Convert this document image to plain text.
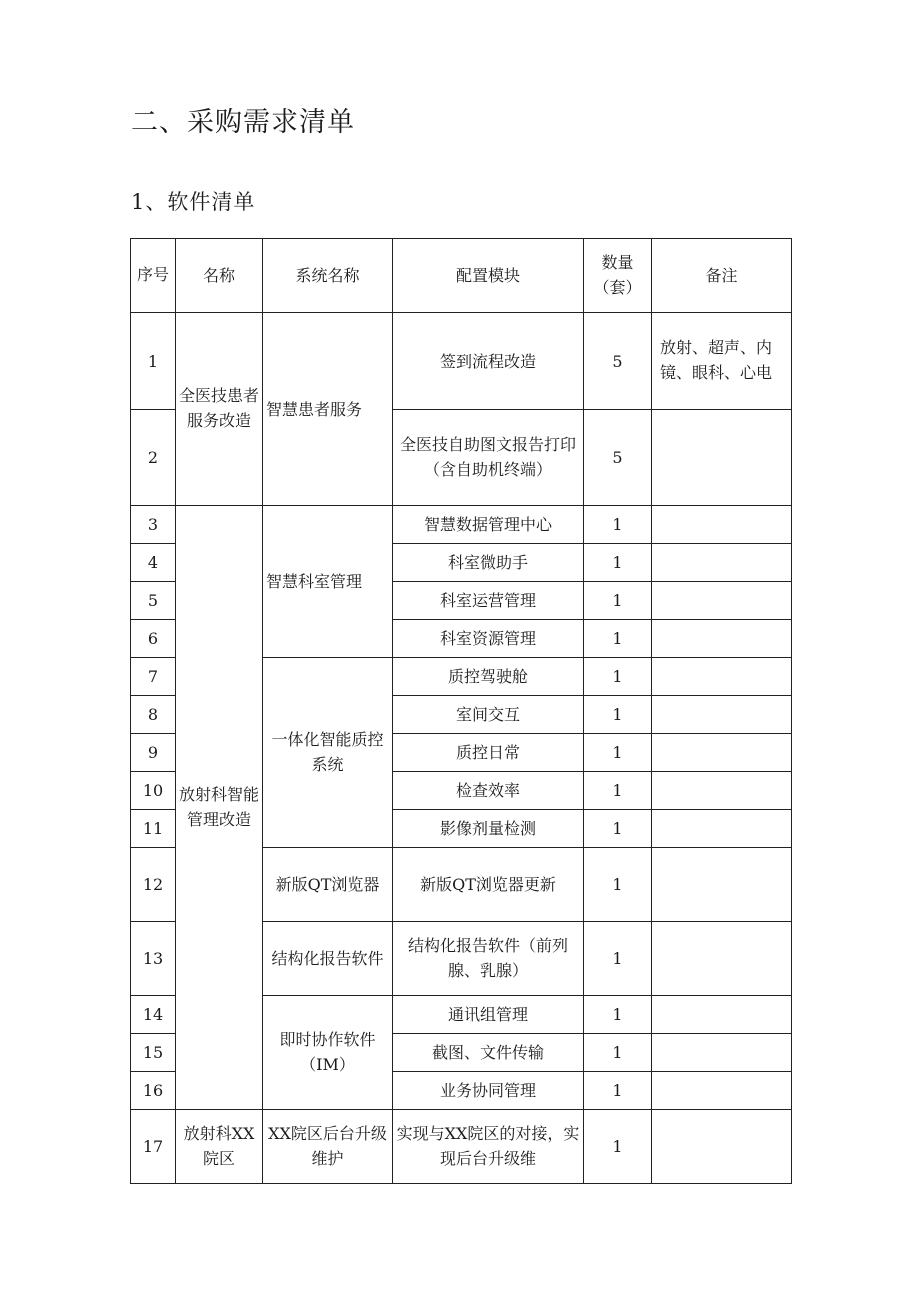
二、采购需求清单
1、软件清单
序号	名称	系统名称	配置模块	数量（套）	备注
1	全医技患者服务改造	智慧患者服务	签到流程改造	5	放射、超声、内镜、眼科、心电
2			全医技自助图文报告打印（含自助机终端）	5	
3	放射科智能管理改造	智慧科室管理	智慧数据管理中心	1	
4			科室微助手	1	
5			科室运营管理	1	
6			科室资源管理	1	
7		一体化智能质控系统	质控驾驶舱	1	
8			室间交互	1	
9			质控日常	1	
10			检查效率	1	
11			影像剂量检测	1	
12		新版QT浏览器	新版QT浏览器更新	1	
13		结构化报告软件	结构化报告软件（前列腺、乳腺）	1	
14		即时协作软件（IM）	通讯组管理	1	
15			截图、文件传输	1	
16			业务协同管理	1	
17	放射科XX院区	XX院区后台升级维护	实现与XX院区的对接，实现后台升级维	1	
